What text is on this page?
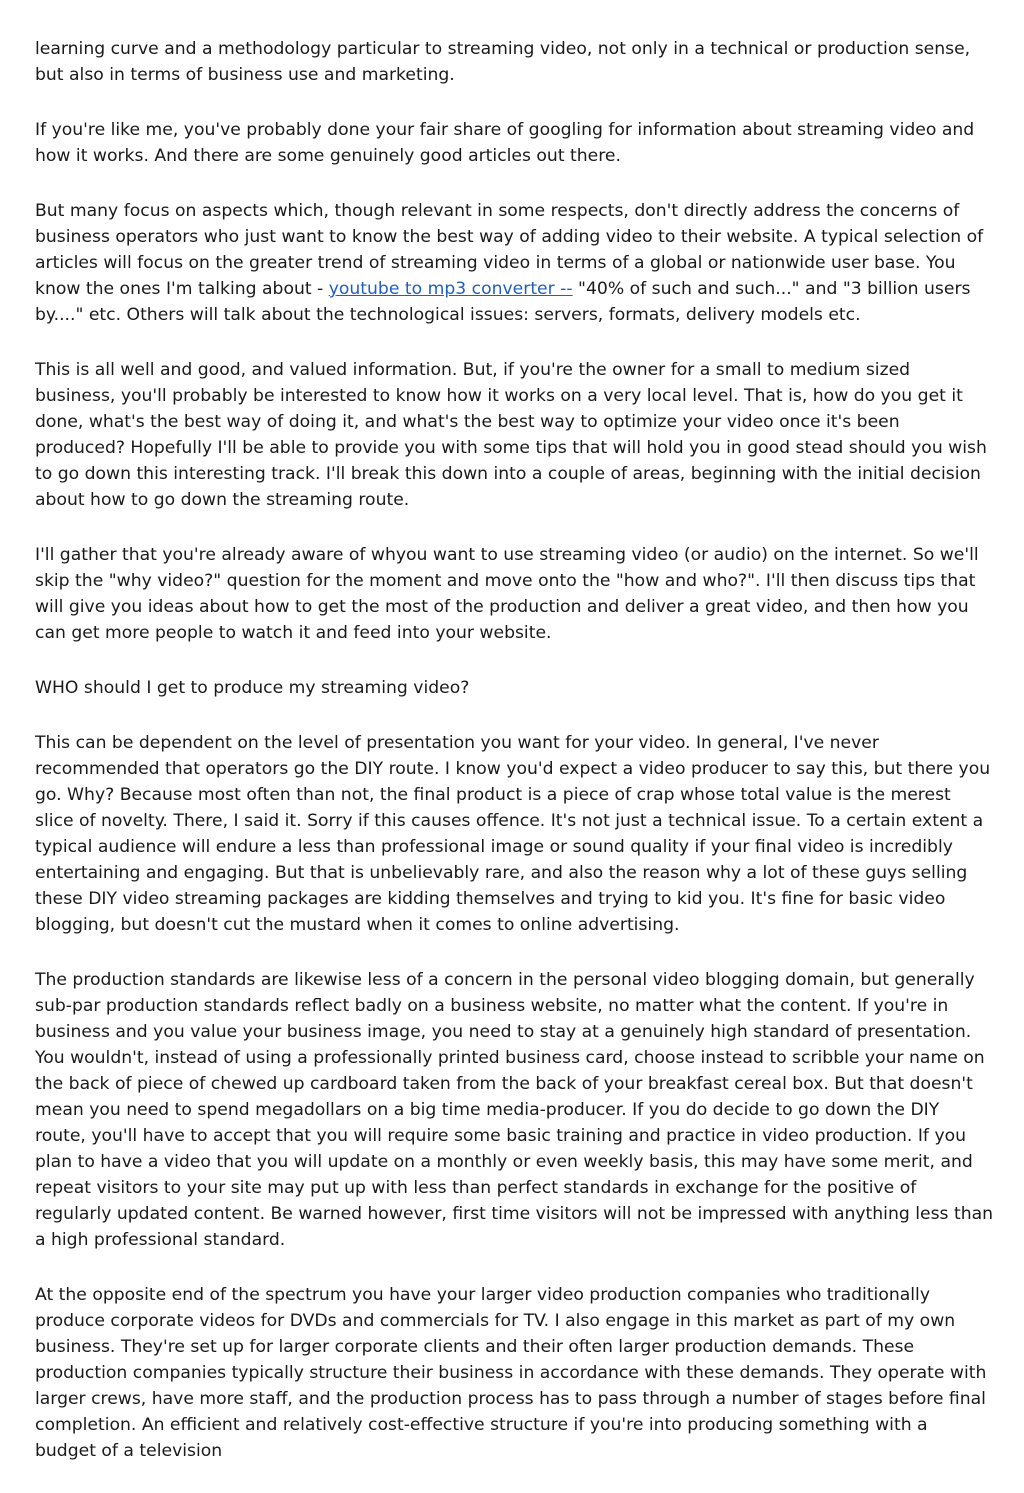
learning curve and a methodology particular to streaming video, not only in a technical or production sense, but also in terms of business use and marketing.

If you're like me, you've probably done your fair share of googling for information about streaming video and how it works. And there are some genuinely good articles out there.

But many focus on aspects which, though relevant in some respects, don't directly address the concerns of business operators who just want to know the best way of adding video to their website. A typical selection of articles will focus on the greater trend of streaming video in terms of a global or nationwide user base. You know the ones I'm talking about - youtube to mp3 converter -- "40% of such and such..." and "3 billion users by...." etc. Others will talk about the technological issues: servers, formats, delivery models etc.

This is all well and good, and valued information. But, if you're the owner for a small to medium sized business, you'll probably be interested to know how it works on a very local level. That is, how do you get it done, what's the best way of doing it, and what's the best way to optimize your video once it's been produced? Hopefully I'll be able to provide you with some tips that will hold you in good stead should you wish to go down this interesting track. I'll break this down into a couple of areas, beginning with the initial decision about how to go down the streaming route.

I'll gather that you're already aware of whyou want to use streaming video (or audio) on the internet. So we'll skip the "why video?" question for the moment and move onto the "how and who?". I'll then discuss tips that will give you ideas about how to get the most of the production and deliver a great video, and then how you can get more people to watch it and feed into your website.

WHO should I get to produce my streaming video?

This can be dependent on the level of presentation you want for your video. In general, I've never recommended that operators go the DIY route. I know you'd expect a video producer to say this, but there you go. Why? Because most often than not, the final product is a piece of crap whose total value is the merest slice of novelty. There, I said it. Sorry if this causes offence. It's not just a technical issue. To a certain extent a typical audience will endure a less than professional image or sound quality if your final video is incredibly entertaining and engaging. But that is unbelievably rare, and also the reason why a lot of these guys selling these DIY video streaming packages are kidding themselves and trying to kid you. It's fine for basic video blogging, but doesn't cut the mustard when it comes to online advertising.

The production standards are likewise less of a concern in the personal video blogging domain, but generally sub-par production standards reflect badly on a business website, no matter what the content. If you're in business and you value your business image, you need to stay at a genuinely high standard of presentation. You wouldn't, instead of using a professionally printed business card, choose instead to scribble your name on the back of piece of chewed up cardboard taken from the back of your breakfast cereal box. But that doesn't mean you need to spend megadollars on a big time media-producer. If you do decide to go down the DIY route, you'll have to accept that you will require some basic training and practice in video production. If you plan to have a video that you will update on a monthly or even weekly basis, this may have some merit, and repeat visitors to your site may put up with less than perfect standards in exchange for the positive of regularly updated content. Be warned however, first time visitors will not be impressed with anything less than a high professional standard.

At the opposite end of the spectrum you have your larger video production companies who traditionally produce corporate videos for DVDs and commercials for TV. I also engage in this market as part of my own business. They're set up for larger corporate clients and their often larger production demands. These production companies typically structure their business in accordance with these demands. They operate with larger crews, have more staff, and the production process has to pass through a number of stages before final completion. An efficient and relatively cost-effective structure if you're into producing something with a budget of a television
